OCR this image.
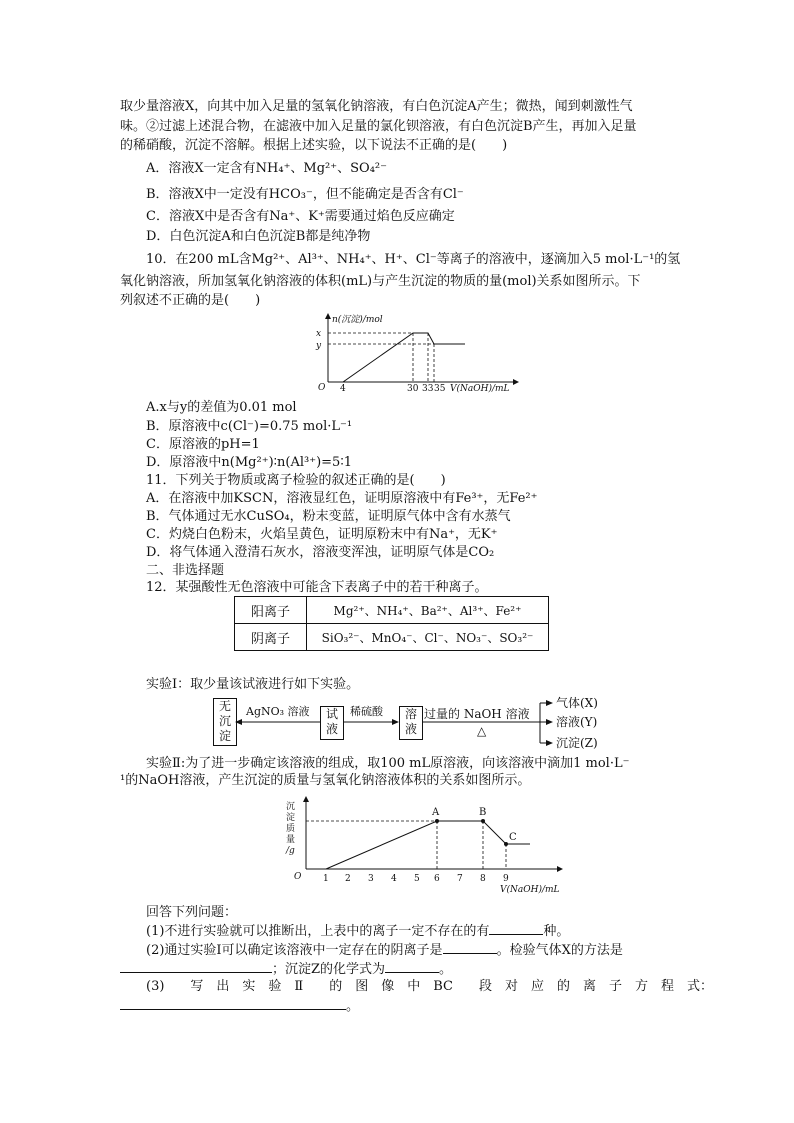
取少量溶液X，向其中加入足量的氢氧化钠溶液，有白色沉淀A产生；微热，闻到刺激性气
味。②过滤上述混合物，在滤液中加入足量的氯化钡溶液，有白色沉淀B产生，再加入足量
的稀硝酸，沉淀不溶解。根据上述实验，以下说法不正确的是(　　)
A．溶液X一定含有NH₄⁺、Mg²⁺、SO₄²⁻
B．溶液X中一定没有HCO₃⁻，但不能确定是否含有Cl⁻
C．溶液X中是否含有Na⁺、K⁺需要通过焰色反应确定
D．白色沉淀A和白色沉淀B都是纯净物
10．在200 mL含Mg²⁺、Al³⁺、NH₄⁺、H⁺、Cl⁻等离子的溶液中，逐滴加入5 mol·L⁻¹的氢
氧化钠溶液，所加氢氧化钠溶液的体积(mL)与产生沉淀的物质的量(mol)关系如图所示。下
列叙述不正确的是(　　)
n(沉淀)/mol
O
x
y
4	30 33 35 V(NaOH)/mL
A.x与y的差值为0.01 mol
B．原溶液中c(Cl⁻)=0.75 mol·L⁻¹
C．原溶液的pH=1
D．原溶液中n(Mg²⁺)∶n(Al³⁺)=5∶1
11．下列关于物质或离子检验的叙述正确的是(　　)
A．在溶液中加KSCN，溶液显红色，证明原溶液中有Fe³⁺，无Fe²⁺
B．气体通过无水CuSO₄，粉末变蓝，证明原气体中含有水蒸气
C．灼烧白色粉末，火焰呈黄色，证明原粉末中有Na⁺，无K⁺
D．将气体通入澄清石灰水，溶液变浑浊，证明原气体是CO₂
二、非选择题
12．某强酸性无色溶液中可能含下表离子中的若干种离子。
阳离子	Mg²⁺、NH₄⁺、Ba²⁺、Al³⁺、Fe²⁺
阴离子	SiO₃²⁻、MnO₄⁻、Cl⁻、NO₃⁻、SO₃²⁻
实验Ⅰ：取少量该试液进行如下实验。
无
沉
淀
试
液
溶
液
AgNO₃ 溶液	稀硫酸	过量的 NaOH 溶液
△
气体(X)
溶液(Y)
沉淀(Z)
实验Ⅱ:为了进一步确定该溶液的组成，取100 mL原溶液，向该溶液中滴加1 mol·L⁻
¹的NaOH溶液，产生沉淀的质量与氢氧化钠溶液体积的关系如图所示。
沉
淀
质
量
/g
O
A	B
C
1 2 3 4 5 6 7 8 9
V(NaOH)/mL
回答下列问题：
(1)不进行实验就可以推断出，上表中的离子一定不存在的有	种。
(2)通过实验Ⅰ可以确定该溶液中一定存在的阴离子是	。检验气体X的方法是
；沉淀Z的化学式为	。
(3)　　写　出　实　验　Ⅱ　　的　图　像　中　BC　　段　对　应　的　离　子　方　程　式：
。
